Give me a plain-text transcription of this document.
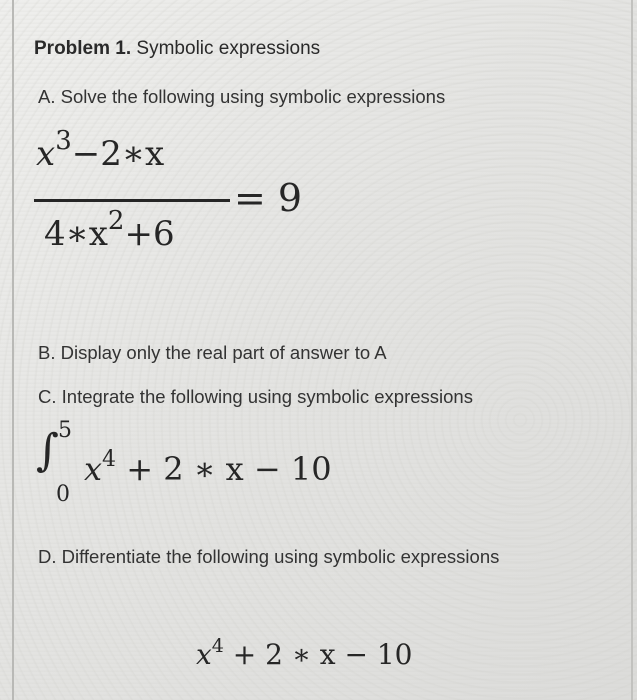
Problem 1. Symbolic expressions
A. Solve the following using symbolic expressions
$x^3-2∗x$
$4∗x^2+6$
= 9
B. Display only the real part of answer to A
C. Integrate the following using symbolic expressions
∫ 5
0
$x^4 + 2$ ∗ x − 10
D. Differentiate the following using symbolic expressions
$x^4 + 2$ ∗ x − 10
